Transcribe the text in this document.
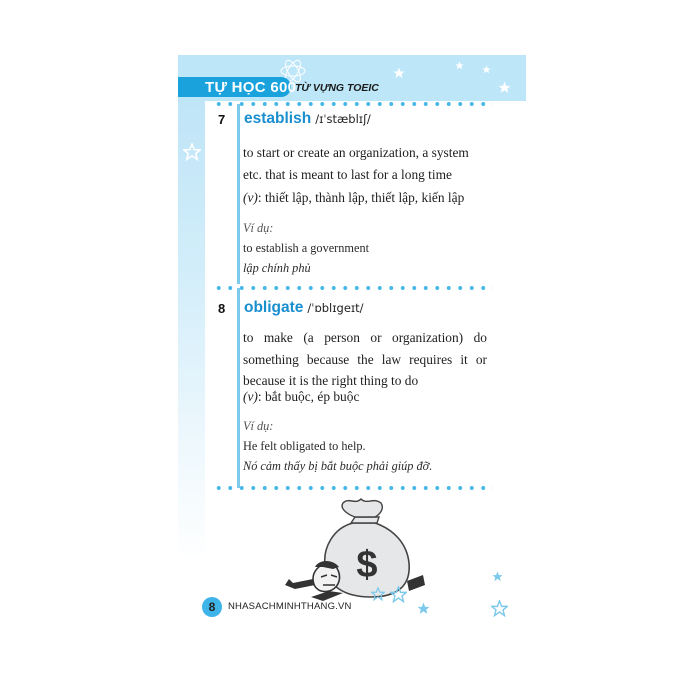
TỰ HỌC 600
TỪ VỰNG TOEIC
7 establish /ɪˈstæblɪʃ/
to start or create an organization, a system
etc. that is meant to last for a long time
(v): thiết lập, thành lập, thiết lập, kiến lập
Ví dụ:
to establish a government
lập chính phủ
8 obligate /ˈɒblɪgeɪt/
to make (a person or organization) do something because the law requires it or because it is the right thing to do
(v): bắt buộc, ép buộc
Ví dụ:
He felt obligated to help.
Nó cảm thấy bị bắt buộc phải giúp đỡ.
$
8	NHASACHMINHTHANG.VN
